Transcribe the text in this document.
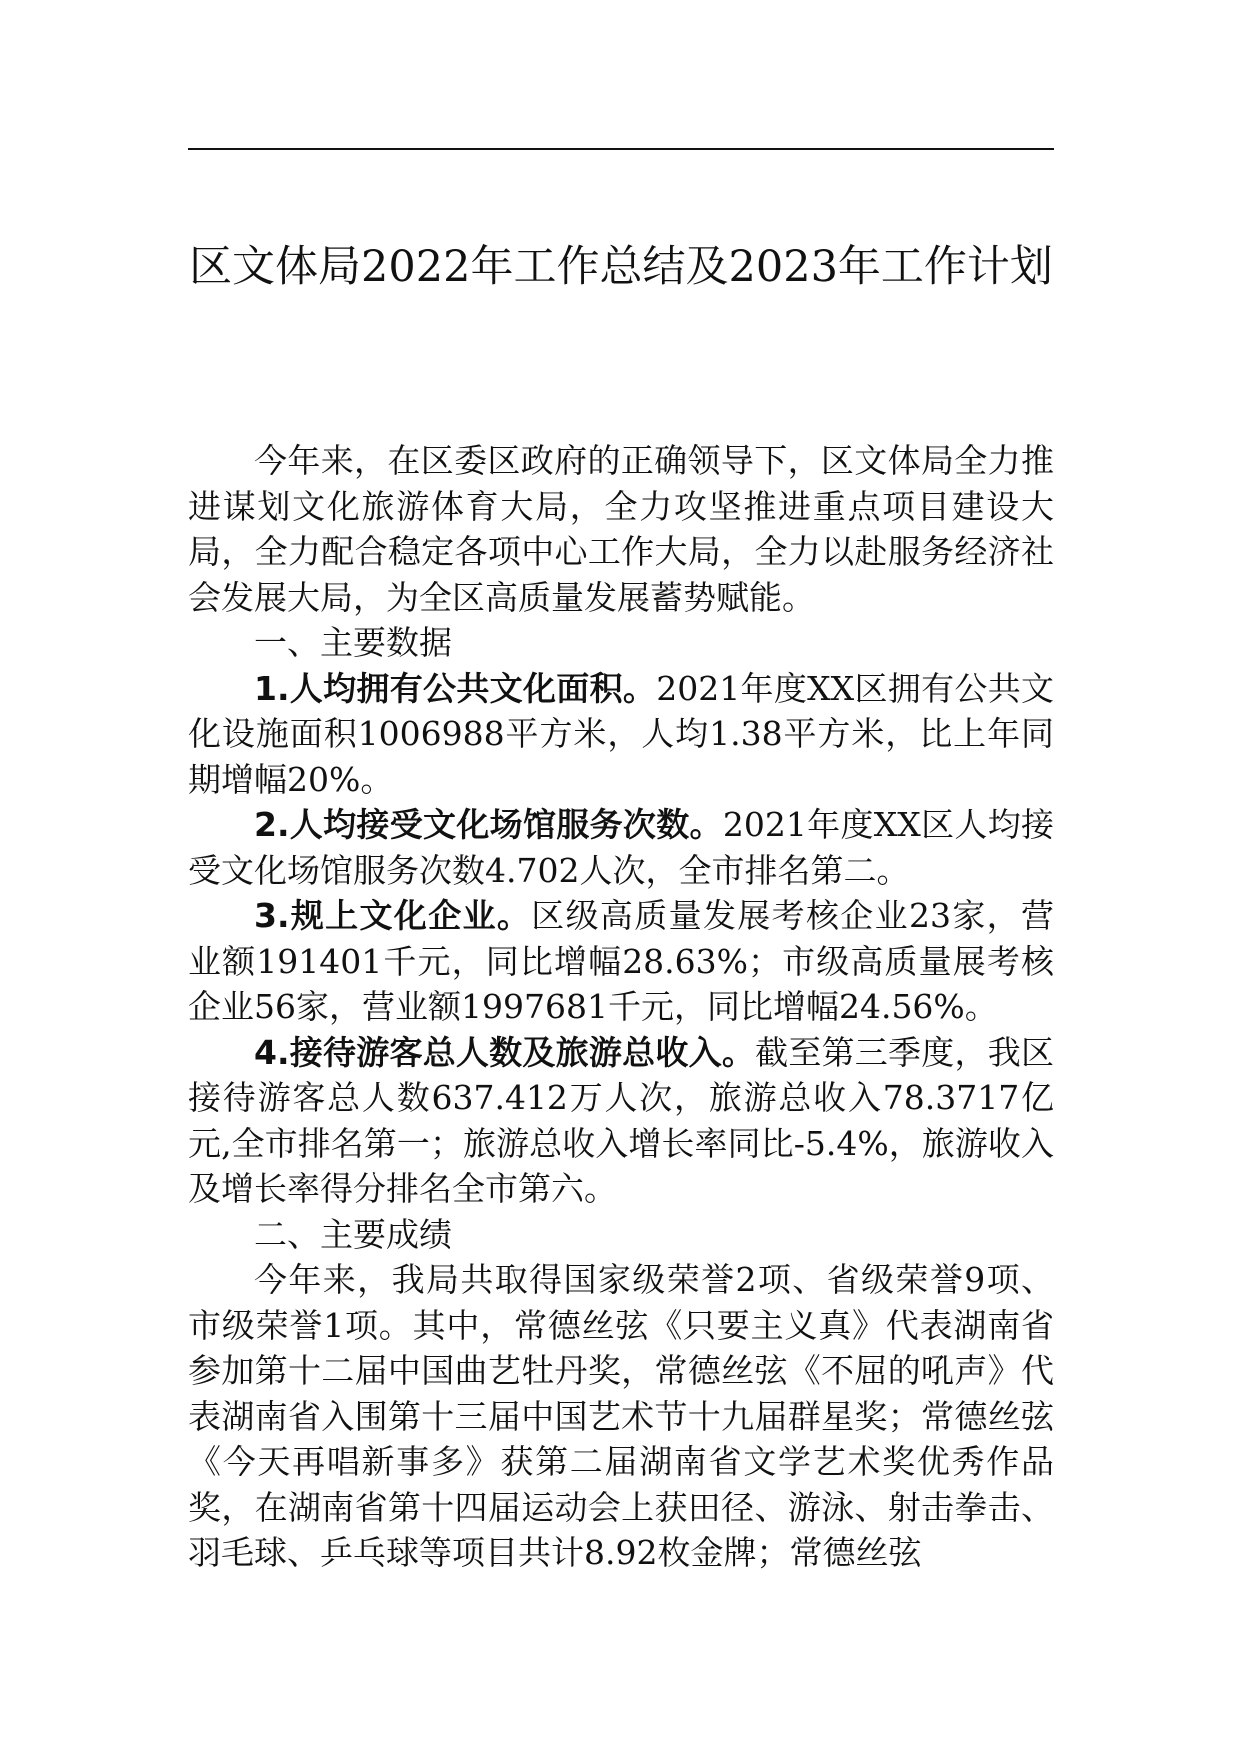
区文体局2022年工作总结及2023年工作计划

今年来，在区委区政府的正确领导下，区文体局全力推进谋划文化旅游体育大局，全力攻坚推进重点项目建设大局，全力配合稳定各项中心工作大局，全力以赴服务经济社会发展大局，为全区高质量发展蓄势赋能。

一、主要数据

1.人均拥有公共文化面积。2021年度XX区拥有公共文化设施面积1006988平方米，人均1.38平方米，比上年同期增幅20%。

2.人均接受文化场馆服务次数。2021年度XX区人均接受文化场馆服务次数4.702人次，全市排名第二。

3.规上文化企业。区级高质量发展考核企业23家，营业额191401千元，同比增幅28.63%；市级高质量展考核企业56家，营业额1997681千元，同比增幅24.56%。

4.接待游客总人数及旅游总收入。截至第三季度，我区接待游客总人数637.412万人次，旅游总收入78.3717亿元,全市排名第一；旅游总收入增长率同比-5.4%，旅游收入及增长率得分排名全市第六。

二、主要成绩

今年来，我局共取得国家级荣誉2项、省级荣誉9项、市级荣誉1项。其中，常德丝弦《只要主义真》代表湖南省参加第十二届中国曲艺牡丹奖，常德丝弦《不屈的吼声》代表湖南省入围第十三届中国艺术节十九届群星奖；常德丝弦《今天再唱新事多》获第二届湖南省文学艺术奖优秀作品奖，在湖南省第十四届运动会上获田径、游泳、射击拳击、羽毛球、乒乓球等项目共计8.92枚金牌；常德丝弦
